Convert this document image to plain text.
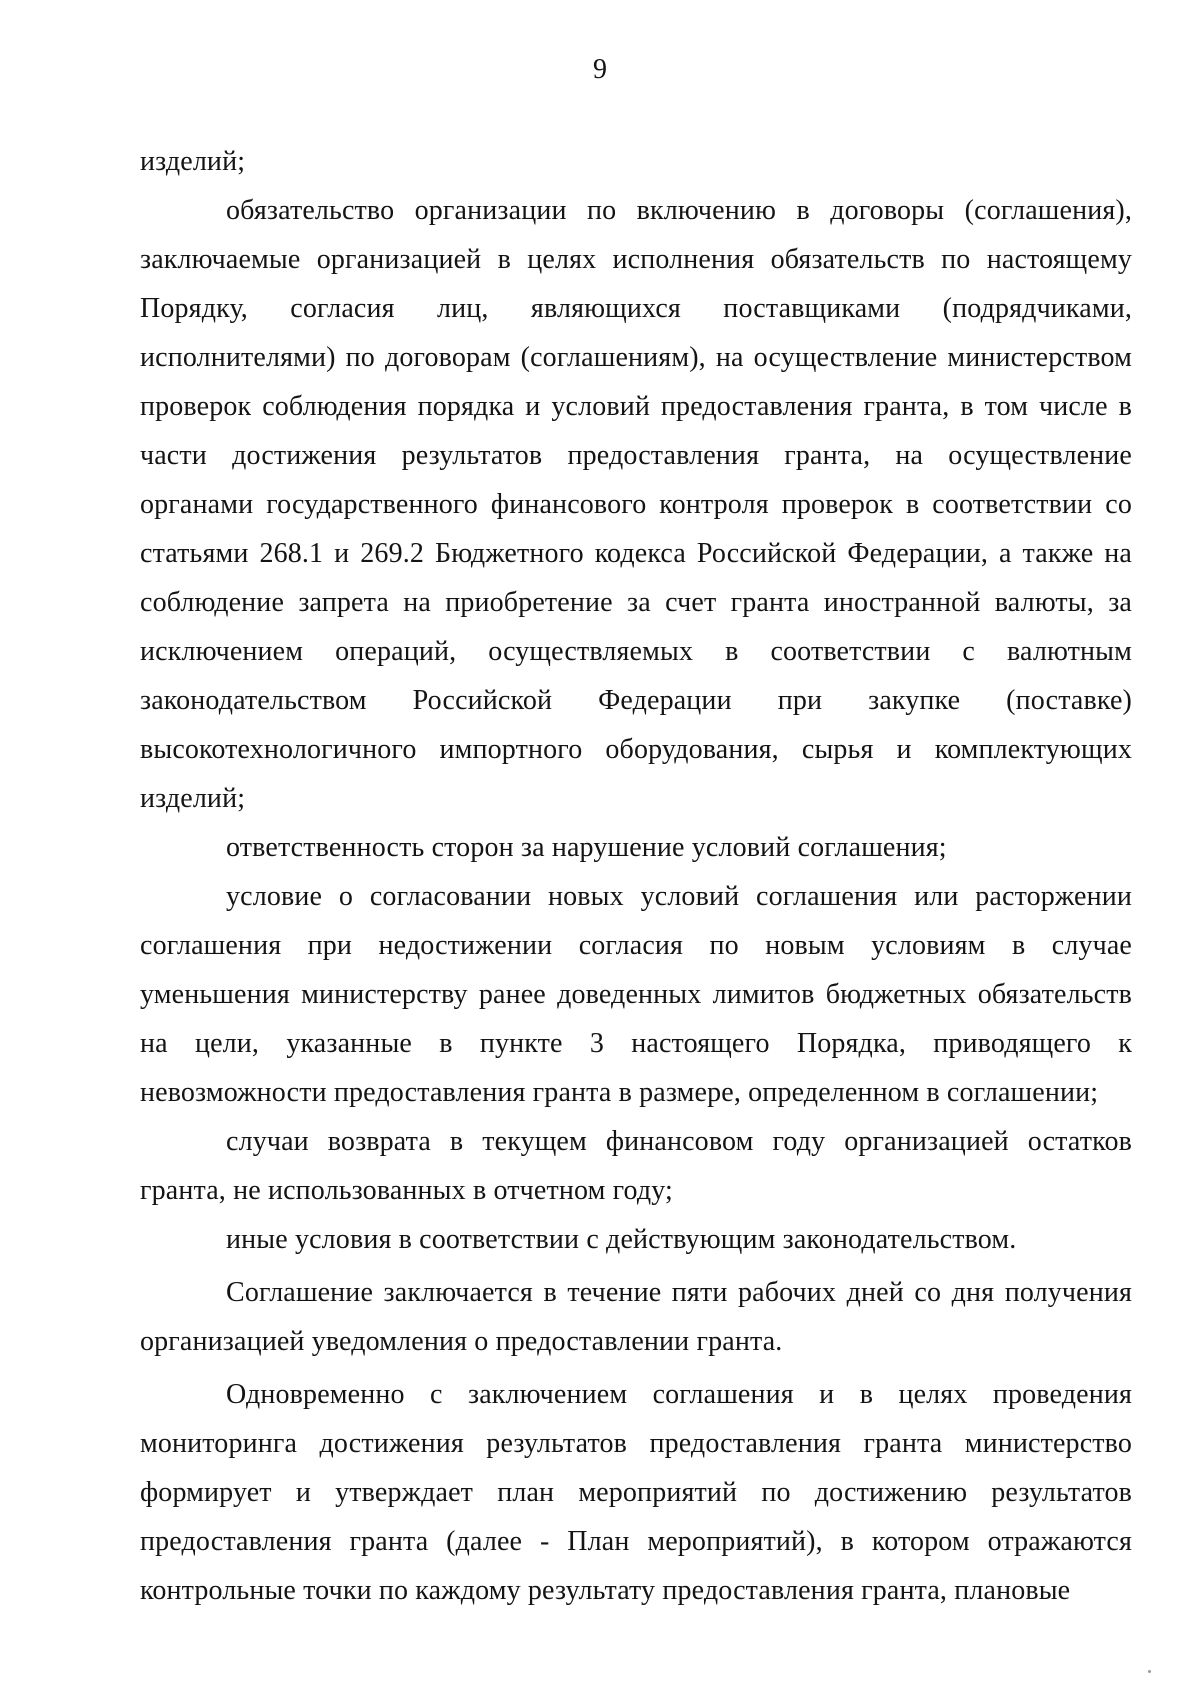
9

изделий;

обязательство организации по включению в договоры (соглашения), заключаемые организацией в целях исполнения обязательств по настоящему Порядку, согласия лиц, являющихся поставщиками (подрядчиками, исполнителями) по договорам (соглашениям), на осуществление министерством проверок соблюдения порядка и условий предоставления гранта, в том числе в части достижения результатов предоставления гранта, на осуществление органами государственного финансового контроля проверок в соответствии со статьями 268.1 и 269.2 Бюджетного кодекса Российской Федерации, а также на соблюдение запрета на приобретение за счет гранта иностранной валюты, за исключением операций, осуществляемых в соответствии с валютным законодательством Российской Федерации при закупке (поставке) высокотехнологичного импортного оборудования, сырья и комплектующих изделий;

ответственность сторон за нарушение условий соглашения;

условие о согласовании новых условий соглашения или расторжении соглашения при недостижении согласия по новым условиям в случае уменьшения министерству ранее доведенных лимитов бюджетных обязательств на цели, указанные в пункте 3 настоящего Порядка, приводящего к невозможности предоставления гранта в размере, определенном в соглашении;

случаи возврата в текущем финансовом году организацией остатков гранта, не использованных в отчетном году;

иные условия в соответствии с действующим законодательством.

Соглашение заключается в течение пяти рабочих дней со дня получения организацией уведомления о предоставлении гранта.

Одновременно с заключением соглашения и в целях проведения мониторинга достижения результатов предоставления гранта министерство формирует и утверждает план мероприятий по достижению результатов предоставления гранта (далее - План мероприятий), в котором отражаются контрольные точки по каждому результату предоставления гранта, плановые
